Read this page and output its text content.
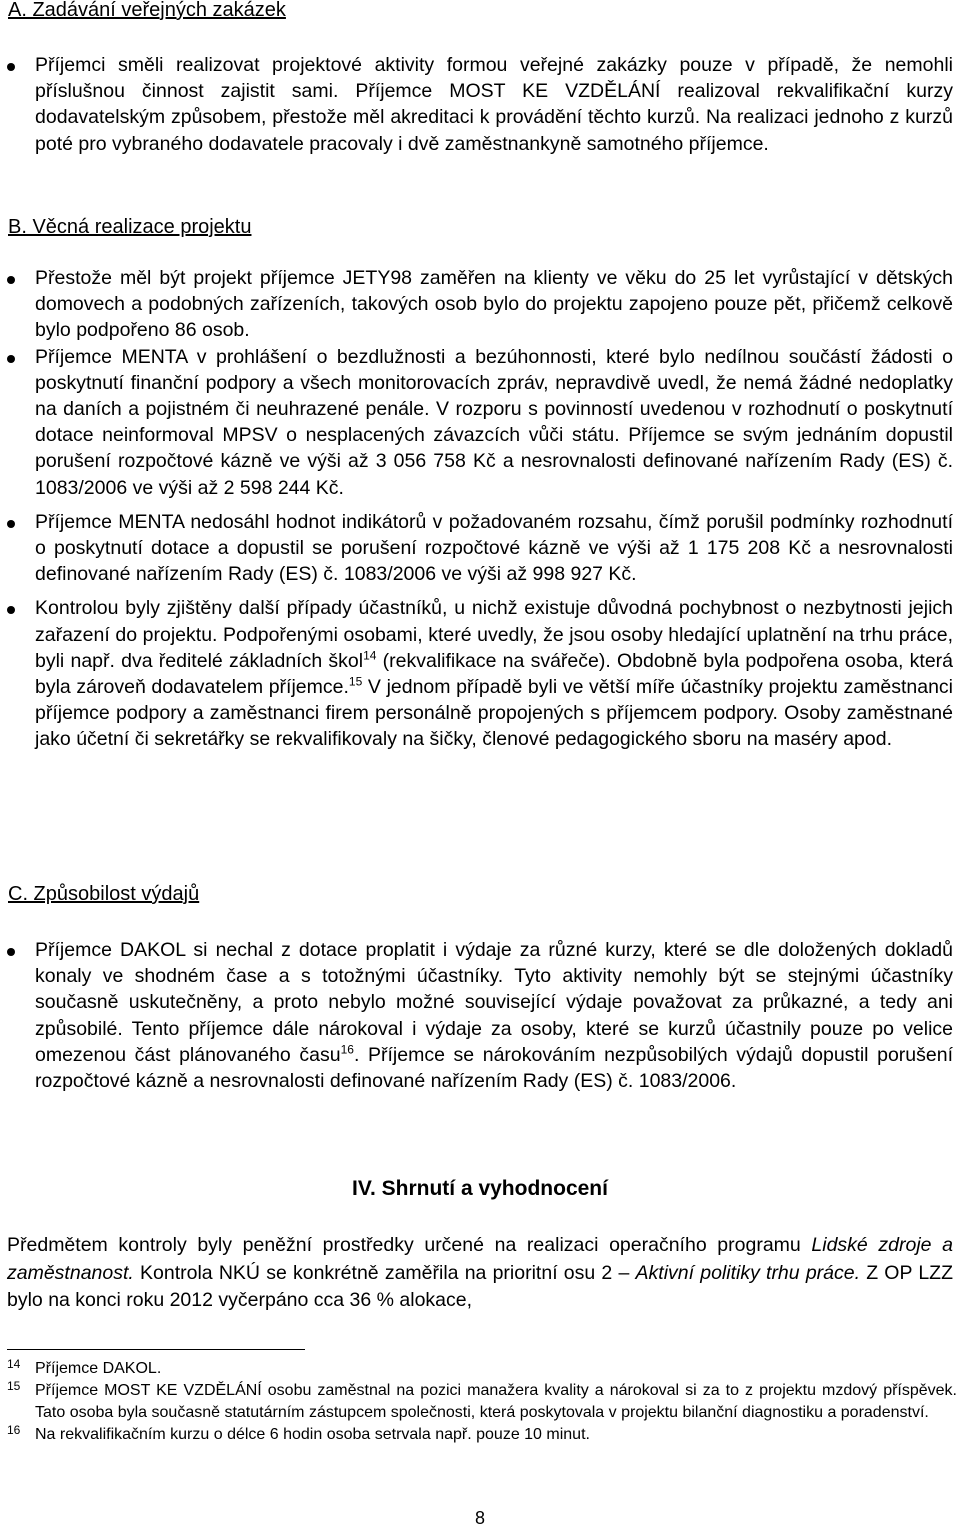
A. Zadávání veřejných zakázek
Příjemci směli realizovat projektové aktivity formou veřejné zakázky pouze v případě, že nemohli příslušnou činnost zajistit sami. Příjemce MOST KE VZDĚLÁNÍ realizoval rekvalifikační kurzy dodavatelským způsobem, přestože měl akreditaci k provádění těchto kurzů. Na realizaci jednoho z kurzů poté pro vybraného dodavatele pracovaly i dvě zaměstnankyně samotného příjemce.
B. Věcná realizace projektu
Přestože měl být projekt příjemce JETY98 zaměřen na klienty ve věku do 25 let vyrůstající v dětských domovech a podobných zařízeních, takových osob bylo do projektu zapojeno pouze pět, přičemž celkově bylo podpořeno 86 osob.
Příjemce MENTA v prohlášení o bezdlužnosti a bezúhonnosti, které bylo nedílnou součástí žádosti o poskytnutí finanční podpory a všech monitorovacích zpráv, nepravdivě uvedl, že nemá žádné nedoplatky na daních a pojistném či neuhrazené penále. V rozporu s povinností uvedenou v rozhodnutí o poskytnutí dotace neinformoval MPSV o nesplacených závazcích vůči státu. Příjemce se svým jednáním dopustil porušení rozpočtové kázně ve výši až 3 056 758 Kč a nesrovnalosti definované nařízením Rady (ES) č. 1083/2006 ve výši až 2 598 244 Kč.
Příjemce MENTA nedosáhl hodnot indikátorů v požadovaném rozsahu, čímž porušil podmínky rozhodnutí o poskytnutí dotace a dopustil se porušení rozpočtové kázně ve výši až 1 175 208 Kč a nesrovnalosti definované nařízením Rady (ES) č. 1083/2006 ve výši až 998 927 Kč.
Kontrolou byly zjištěny další případy účastníků, u nichž existuje důvodná pochybnost o nezbytnosti jejich zařazení do projektu. Podpořenými osobami, které uvedly, že jsou osoby hledající uplatnění na trhu práce, byli např. dva ředitelé základních škol$^{14}$ (rekvalifikace na svářeče). Obdobně byla podpořena osoba, která byla zároveň dodavatelem příjemce.$^{15}$ V jednom případě byli ve větší míře účastníky projektu zaměstnanci příjemce podpory a zaměstnanci firem personálně propojených s příjemcem podpory. Osoby zaměstnané jako účetní či sekretářky se rekvalifikovaly na šičky, členové pedagogického sboru na maséry apod.
C. Způsobilost výdajů
Příjemce DAKOL si nechal z dotace proplatit i výdaje za různé kurzy, které se dle doložených dokladů konaly ve shodném čase a s totožnými účastníky. Tyto aktivity nemohly být se stejnými účastníky současně uskutečněny, a proto nebylo možné související výdaje považovat za průkazné, a tedy ani způsobilé. Tento příjemce dále nárokoval i výdaje za osoby, které se kurzů účastnily pouze po velice omezenou část plánovaného času$^{16}$. Příjemce se nárokováním nezpůsobilých výdajů dopustil porušení rozpočtové kázně a nesrovnalosti definované nařízením Rady (ES) č. 1083/2006.
IV. Shrnutí a vyhodnocení
Předmětem kontroly byly peněžní prostředky určené na realizaci operačního programu Lidské zdroje a zaměstnanost. Kontrola NKÚ se konkrétně zaměřila na prioritní osu 2 – Aktivní politiky trhu práce. Z OP LZZ bylo na konci roku 2012 vyčerpáno cca 36 % alokace,
14 Příjemce DAKOL.
15 Příjemce MOST KE VZDĚLÁNÍ osobu zaměstnal na pozici manažera kvality a nárokoval si za to z projektu mzdový příspěvek. Tato osoba byla současně statutárním zástupcem společnosti, která poskytovala v projektu bilanční diagnostiku a poradenství.
16 Na rekvalifikačním kurzu o délce 6 hodin osoba setrvala např. pouze 10 minut.
8
